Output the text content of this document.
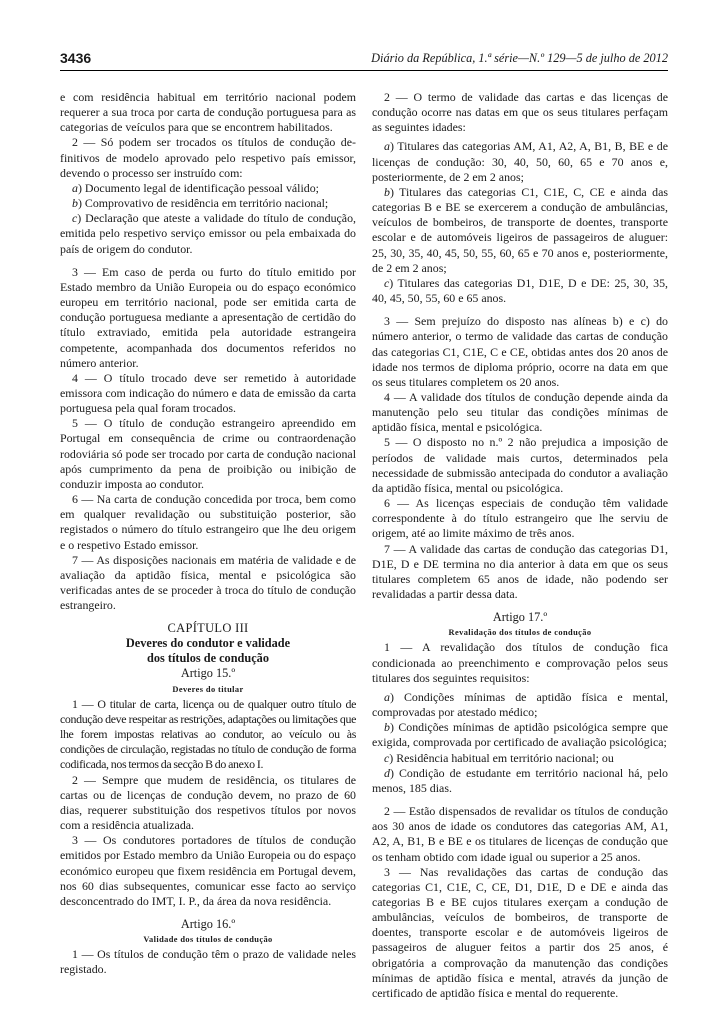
3436	Diário da República, 1.ª série—N.º 129—5 de julho de 2012

e com residência habitual em território nacional podem requerer a sua troca por carta de condução portuguesa para as categorias de veículos para que se encontrem habilitados.

2 — Só podem ser trocados os títulos de condução de-finitivos de modelo aprovado pelo respetivo país emissor, devendo o processo ser instruído com:

a) Documento legal de identificação pessoal válido;

b) Comprovativo de residência em território nacional;

c) Declaração que ateste a validade do título de condução, emitida pelo respetivo serviço emissor ou pela embaixada do país de origem do condutor.

3 — Em caso de perda ou furto do título emitido por Estado membro da União Europeia ou do espaço económico europeu em território nacional, pode ser emitida carta de condução portuguesa mediante a apresentação de certidão do título extraviado, emitida pela autoridade estrangeira competente, acompanhada dos documentos referidos no número anterior.

4 — O título trocado deve ser remetido à autoridade emissora com indicação do número e data de emissão da carta portuguesa pela qual foram trocados.

5 — O título de condução estrangeiro apreendido em Portugal em consequência de crime ou contraordenação rodoviária só pode ser trocado por carta de condução nacional após cumprimento da pena de proibição ou inibição de conduzir imposta ao condutor.

6 — Na carta de condução concedida por troca, bem como em qualquer revalidação ou substituição posterior, são registados o número do título estrangeiro que lhe deu origem e o respetivo Estado emissor.

7 — As disposições nacionais em matéria de validade e de avaliação da aptidão física, mental e psicológica são verificadas antes de se proceder à troca do título de condução estrangeiro.

CAPÍTULO III

Deveres do condutor e validade

dos títulos de condução

Artigo 15.º

Deveres do titular

1 — O titular de carta, licença ou de qualquer outro título de condução deve respeitar as restrições, adaptações ou limitações que lhe forem impostas relativas ao condutor, ao veículo ou às condições de circulação, registadas no título de condução de forma codificada, nos termos da secção B do anexo I.

2 — Sempre que mudem de residência, os titulares de cartas ou de licenças de condução devem, no prazo de 60 dias, requerer substituição dos respetivos títulos por novos com a residência atualizada.

3 — Os condutores portadores de títulos de condução emitidos por Estado membro da União Europeia ou do espaço económico europeu que fixem residência em Portugal devem, nos 60 dias subsequentes, comunicar esse facto ao serviço desconcentrado do IMT, I. P., da área da nova residência.

Artigo 16.º

Validade dos títulos de condução

1 — Os títulos de condução têm o prazo de validade neles registado.

2 — O termo de validade das cartas e das licenças de condução ocorre nas datas em que os seus titulares perfaçam as seguintes idades:

a) Titulares das categorias AM, A1, A2, A, B1, B, BE e de licenças de condução: 30, 40, 50, 60, 65 e 70 anos e, posteriormente, de 2 em 2 anos;

b) Titulares das categorias C1, C1E, C, CE e ainda das categorias B e BE se exercerem a condução de ambulâncias, veículos de bombeiros, de transporte de doentes, transporte escolar e de automóveis ligeiros de passageiros de aluguer: 25, 30, 35, 40, 45, 50, 55, 60, 65 e 70 anos e, posteriormente, de 2 em 2 anos;

c) Titulares das categorias D1, D1E, D e DE: 25, 30, 35, 40, 45, 50, 55, 60 e 65 anos.

3 — Sem prejuízo do disposto nas alíneas b) e c) do número anterior, o termo de validade das cartas de condução das categorias C1, C1E, C e CE, obtidas antes dos 20 anos de idade nos termos de diploma próprio, ocorre na data em que os seus titulares completem os 20 anos.

4 — A validade dos títulos de condução depende ainda da manutenção pelo seu titular das condições mínimas de aptidão física, mental e psicológica.

5 — O disposto no n.º 2 não prejudica a imposição de períodos de validade mais curtos, determinados pela necessidade de submissão antecipada do condutor a avaliação da aptidão física, mental ou psicológica.

6 — As licenças especiais de condução têm validade correspondente à do título estrangeiro que lhe serviu de origem, até ao limite máximo de três anos.

7 — A validade das cartas de condução das categorias D1, D1E, D e DE termina no dia anterior à data em que os seus titulares completem 65 anos de idade, não podendo ser revalidadas a partir dessa data.

Artigo 17.º

Revalidação dos títulos de condução

1 — A revalidação dos títulos de condução fica condicionada ao preenchimento e comprovação pelos seus titulares dos seguintes requisitos:

a) Condições mínimas de aptidão física e mental, comprovadas por atestado médico;

b) Condições mínimas de aptidão psicológica sempre que exigida, comprovada por certificado de avaliação psicológica;

c) Residência habitual em território nacional; ou

d) Condição de estudante em território nacional há, pelo menos, 185 dias.

2 — Estão dispensados de revalidar os títulos de condução aos 30 anos de idade os condutores das categorias AM, A1, A2, A, B1, B e BE e os titulares de licenças de condução que os tenham obtido com idade igual ou superior a 25 anos.

3 — Nas revalidações das cartas de condução das categorias C1, C1E, C, CE, D1, D1E, D e DE e ainda das categorias B e BE cujos titulares exerçam a condução de ambulâncias, veículos de bombeiros, de transporte de doentes, transporte escolar e de automóveis ligeiros de passageiros de aluguer feitos a partir dos 25 anos, é obrigatória a comprovação da manutenção das condições mínimas de aptidão física e mental, através da junção de certificado de aptidão física e mental do requerente.
